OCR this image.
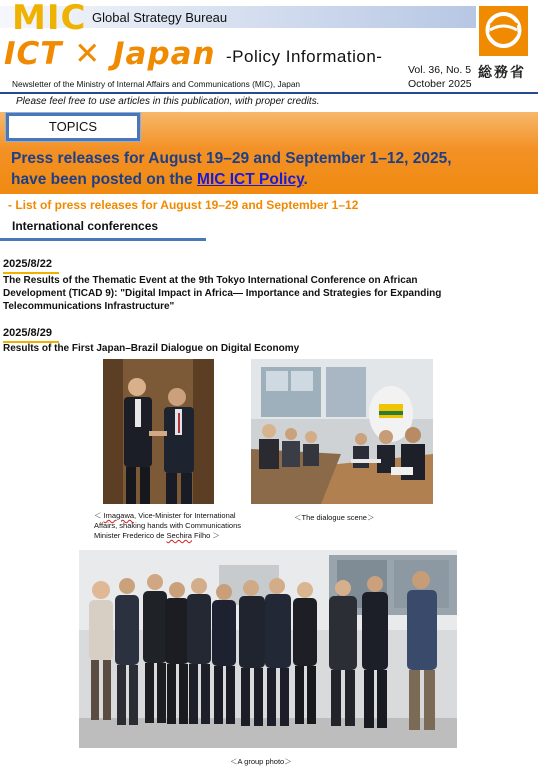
MIC Global Strategy Bureau
ICT ✕ Japan -Policy Information-
Newsletter of the Ministry of Internal Affairs and Communications (MIC), Japan
Vol. 36, No. 5
October 2025
総務省
Please feel free to use articles in this publication, with proper credits.
TOPICS
Press releases for August 19–29 and September 1–12, 2025,
have been posted on the MIC ICT Policy.
- List of press releases for August 19–29 and September 1–12
International conferences
2025/8/22
The Results of the Thematic Event at the 9th Tokyo International Conference on African Development (TICAD 9): "Digital Impact in Africa— Importance and Strategies for Expanding Telecommunications Infrastructure"
2025/8/29
Results of the First Japan–Brazil Dialogue on Digital Economy
＜ Imagawa, Vice-Minister for International Affairs, shaking hands with Communications Minister Frederico de Sechira Filho ＞
＜The dialogue scene＞
＜A group photo＞
